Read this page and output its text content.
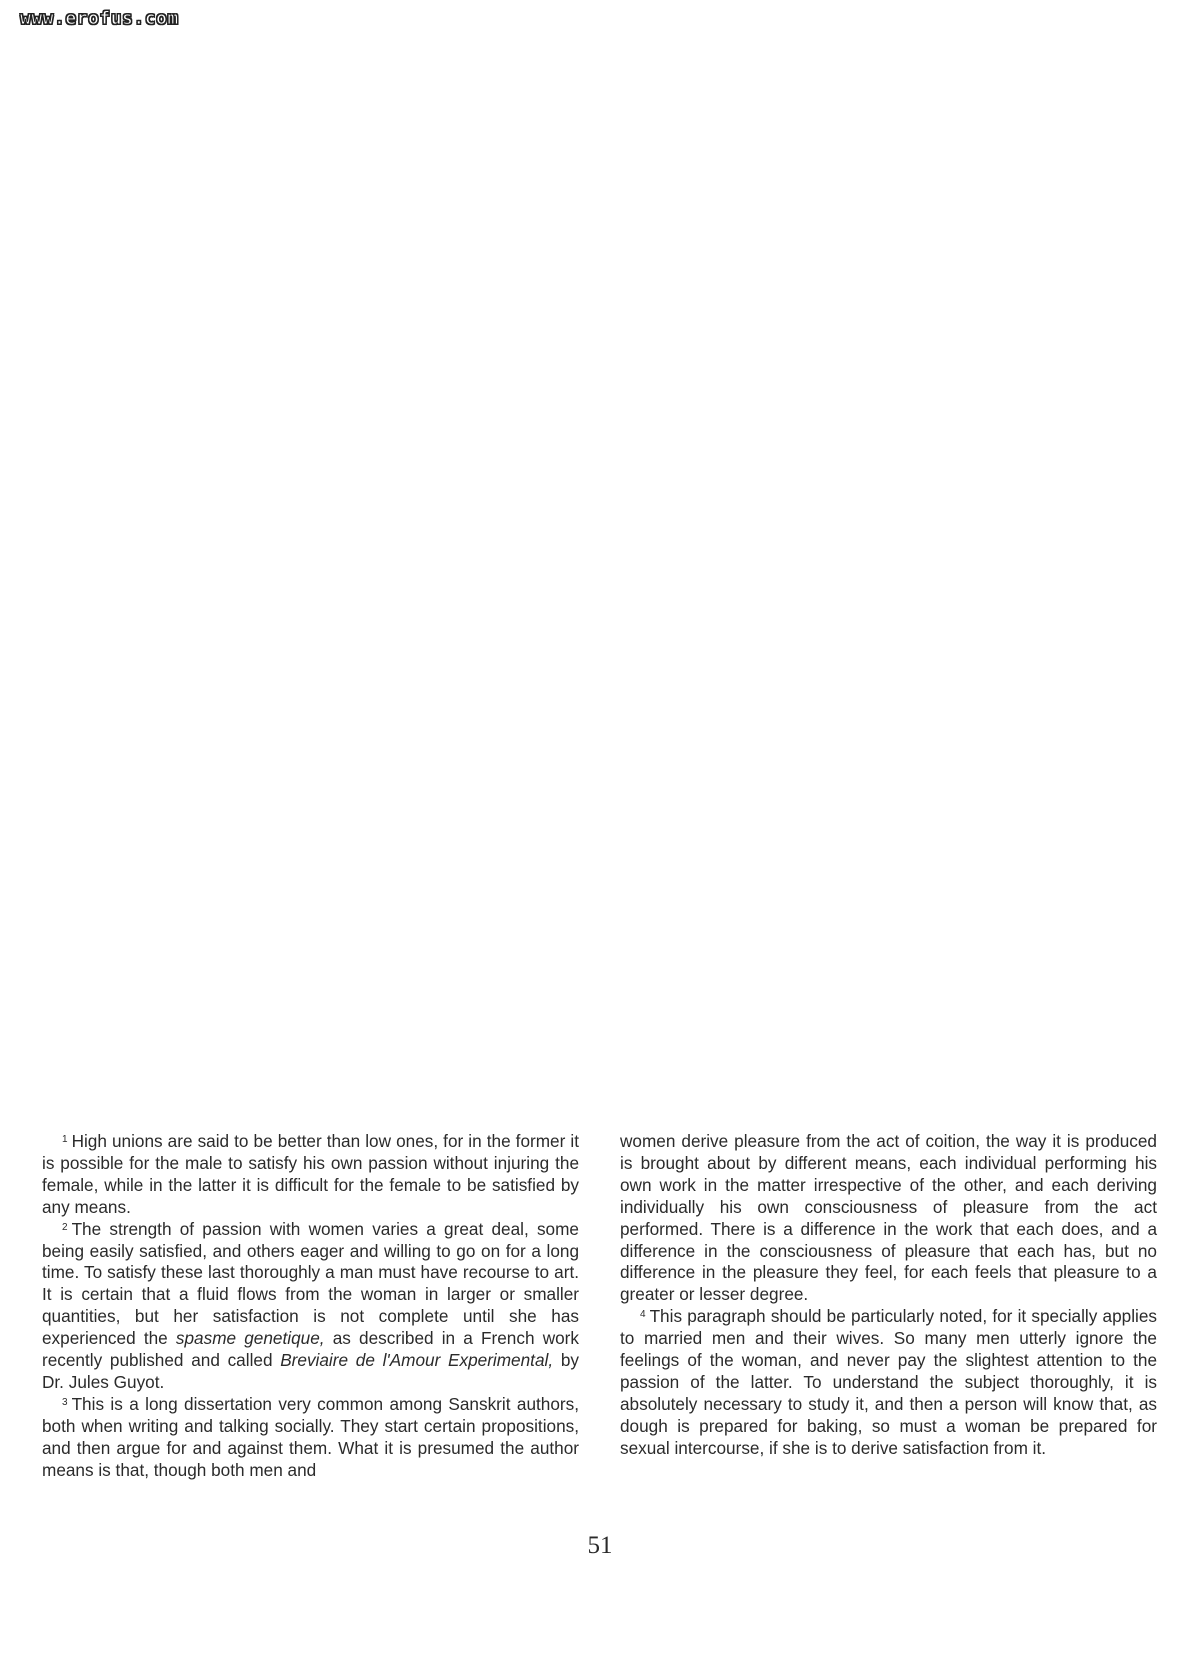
www.erofus.com

$^1$ High unions are said to be better than low ones, for in the former it is possible for the male to satisfy his own passion without injuring the female, while in the latter it is difficult for the female to be satisfied by any means.

$^2$ The strength of passion with women varies a great deal, some being easily satisfied, and others eager and willing to go on for a long time. To satisfy these last thoroughly a man must have recourse to art. It is certain that a fluid flows from the woman in larger or smaller quantities, but her satisfaction is not complete until she has experienced the spasme genetique, as described in a French work recently published and called Breviaire de l'Amour Experimental, by Dr. Jules Guyot.

$^3$ This is a long dissertation very common among Sanskrit authors, both when writing and talking socially. They start certain propositions, and then argue for and against them. What it is presumed the author means is that, though both men and

women derive pleasure from the act of coition, the way it is produced is brought about by different means, each individual performing his own work in the matter irrespective of the other, and each deriving individually his own consciousness of pleasure from the act performed. There is a difference in the work that each does, and a difference in the consciousness of pleasure that each has, but no difference in the pleasure they feel, for each feels that pleasure to a greater or lesser degree.

$^4$ This paragraph should be particularly noted, for it specially applies to married men and their wives. So many men utterly ignore the feelings of the woman, and never pay the slightest attention to the passion of the latter. To understand the subject thoroughly, it is absolutely necessary to study it, and then a person will know that, as dough is prepared for baking, so must a woman be prepared for sexual intercourse, if she is to derive satisfaction from it.

51
